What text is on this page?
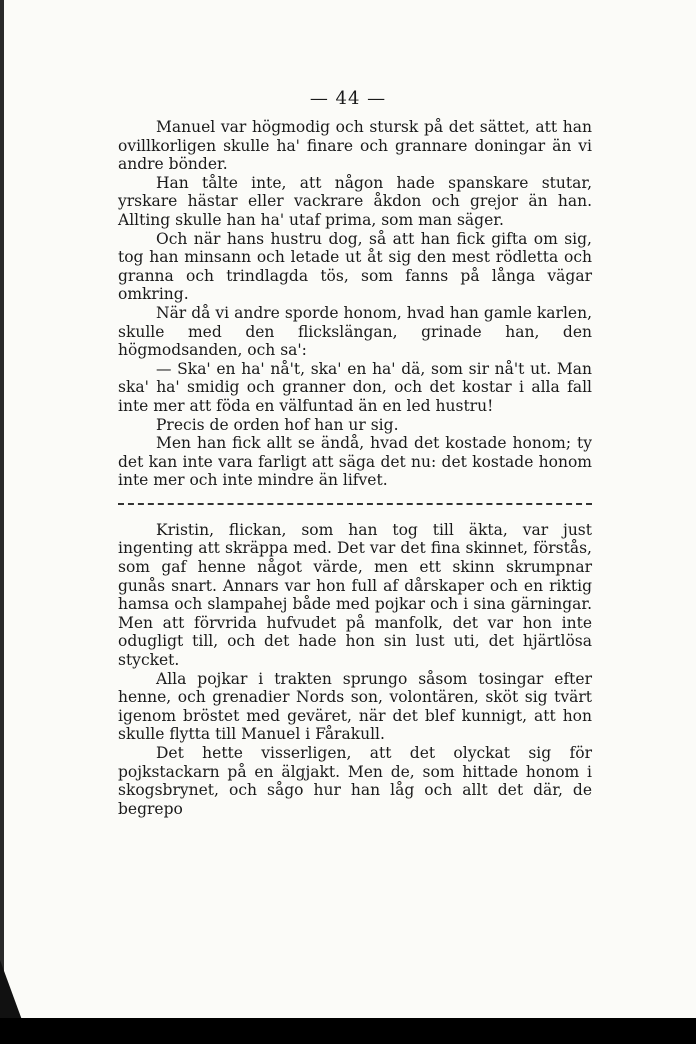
— 44 —

Manuel var högmodig och stursk på det sättet, att han ovillkorligen skulle ha' finare och grannare doningar än vi andre bönder.

Han tålte inte, att någon hade spanskare stutar, yrskare hästar eller vackrare åkdon och grejor än han. Allting skulle han ha' utaf prima, som man säger.

Och när hans hustru dog, så att han fick gifta om sig, tog han minsann och letade ut åt sig den mest rödletta och granna och trindlagda tös, som fanns på långa vägar omkring.

När då vi andre sporde honom, hvad han gamle karlen, skulle med den flickslängan, grinade han, den högmodsanden, och sa':

— Ska' en ha' nå't, ska' en ha' dä, som sir nå't ut. Man ska' ha' smidig och granner don, och det kostar i alla fall inte mer att föda en välfuntad än en led hustru!

Precis de orden hof han ur sig.

Men han fick allt se ändå, hvad det kostade honom; ty det kan inte vara farligt att säga det nu: det kostade honom inte mer och inte mindre än lifvet.

Kristin, flickan, som han tog till äkta, var just ingenting att skräppa med. Det var det fina skinnet, förstås, som gaf henne något värde, men ett skinn skrumpnar gunås snart. Annars var hon full af dårskaper och en riktig hamsa och slampahej både med pojkar och i sina gärningar. Men att förvrida hufvudet på manfolk, det var hon inte odugligt till, och det hade hon sin lust uti, det hjärtlösa stycket.

Alla pojkar i trakten sprungo såsom tosingar efter henne, och grenadier Nords son, volontären, sköt sig tvärt igenom bröstet med geväret, när det blef kunnigt, att hon skulle flytta till Manuel i Fårakull.

Det hette visserligen, att det olyckat sig för pojkstackarn på en älgjakt. Men de, som hittade honom i skogsbrynet, och sågo hur han låg och allt det där, de begrepo
